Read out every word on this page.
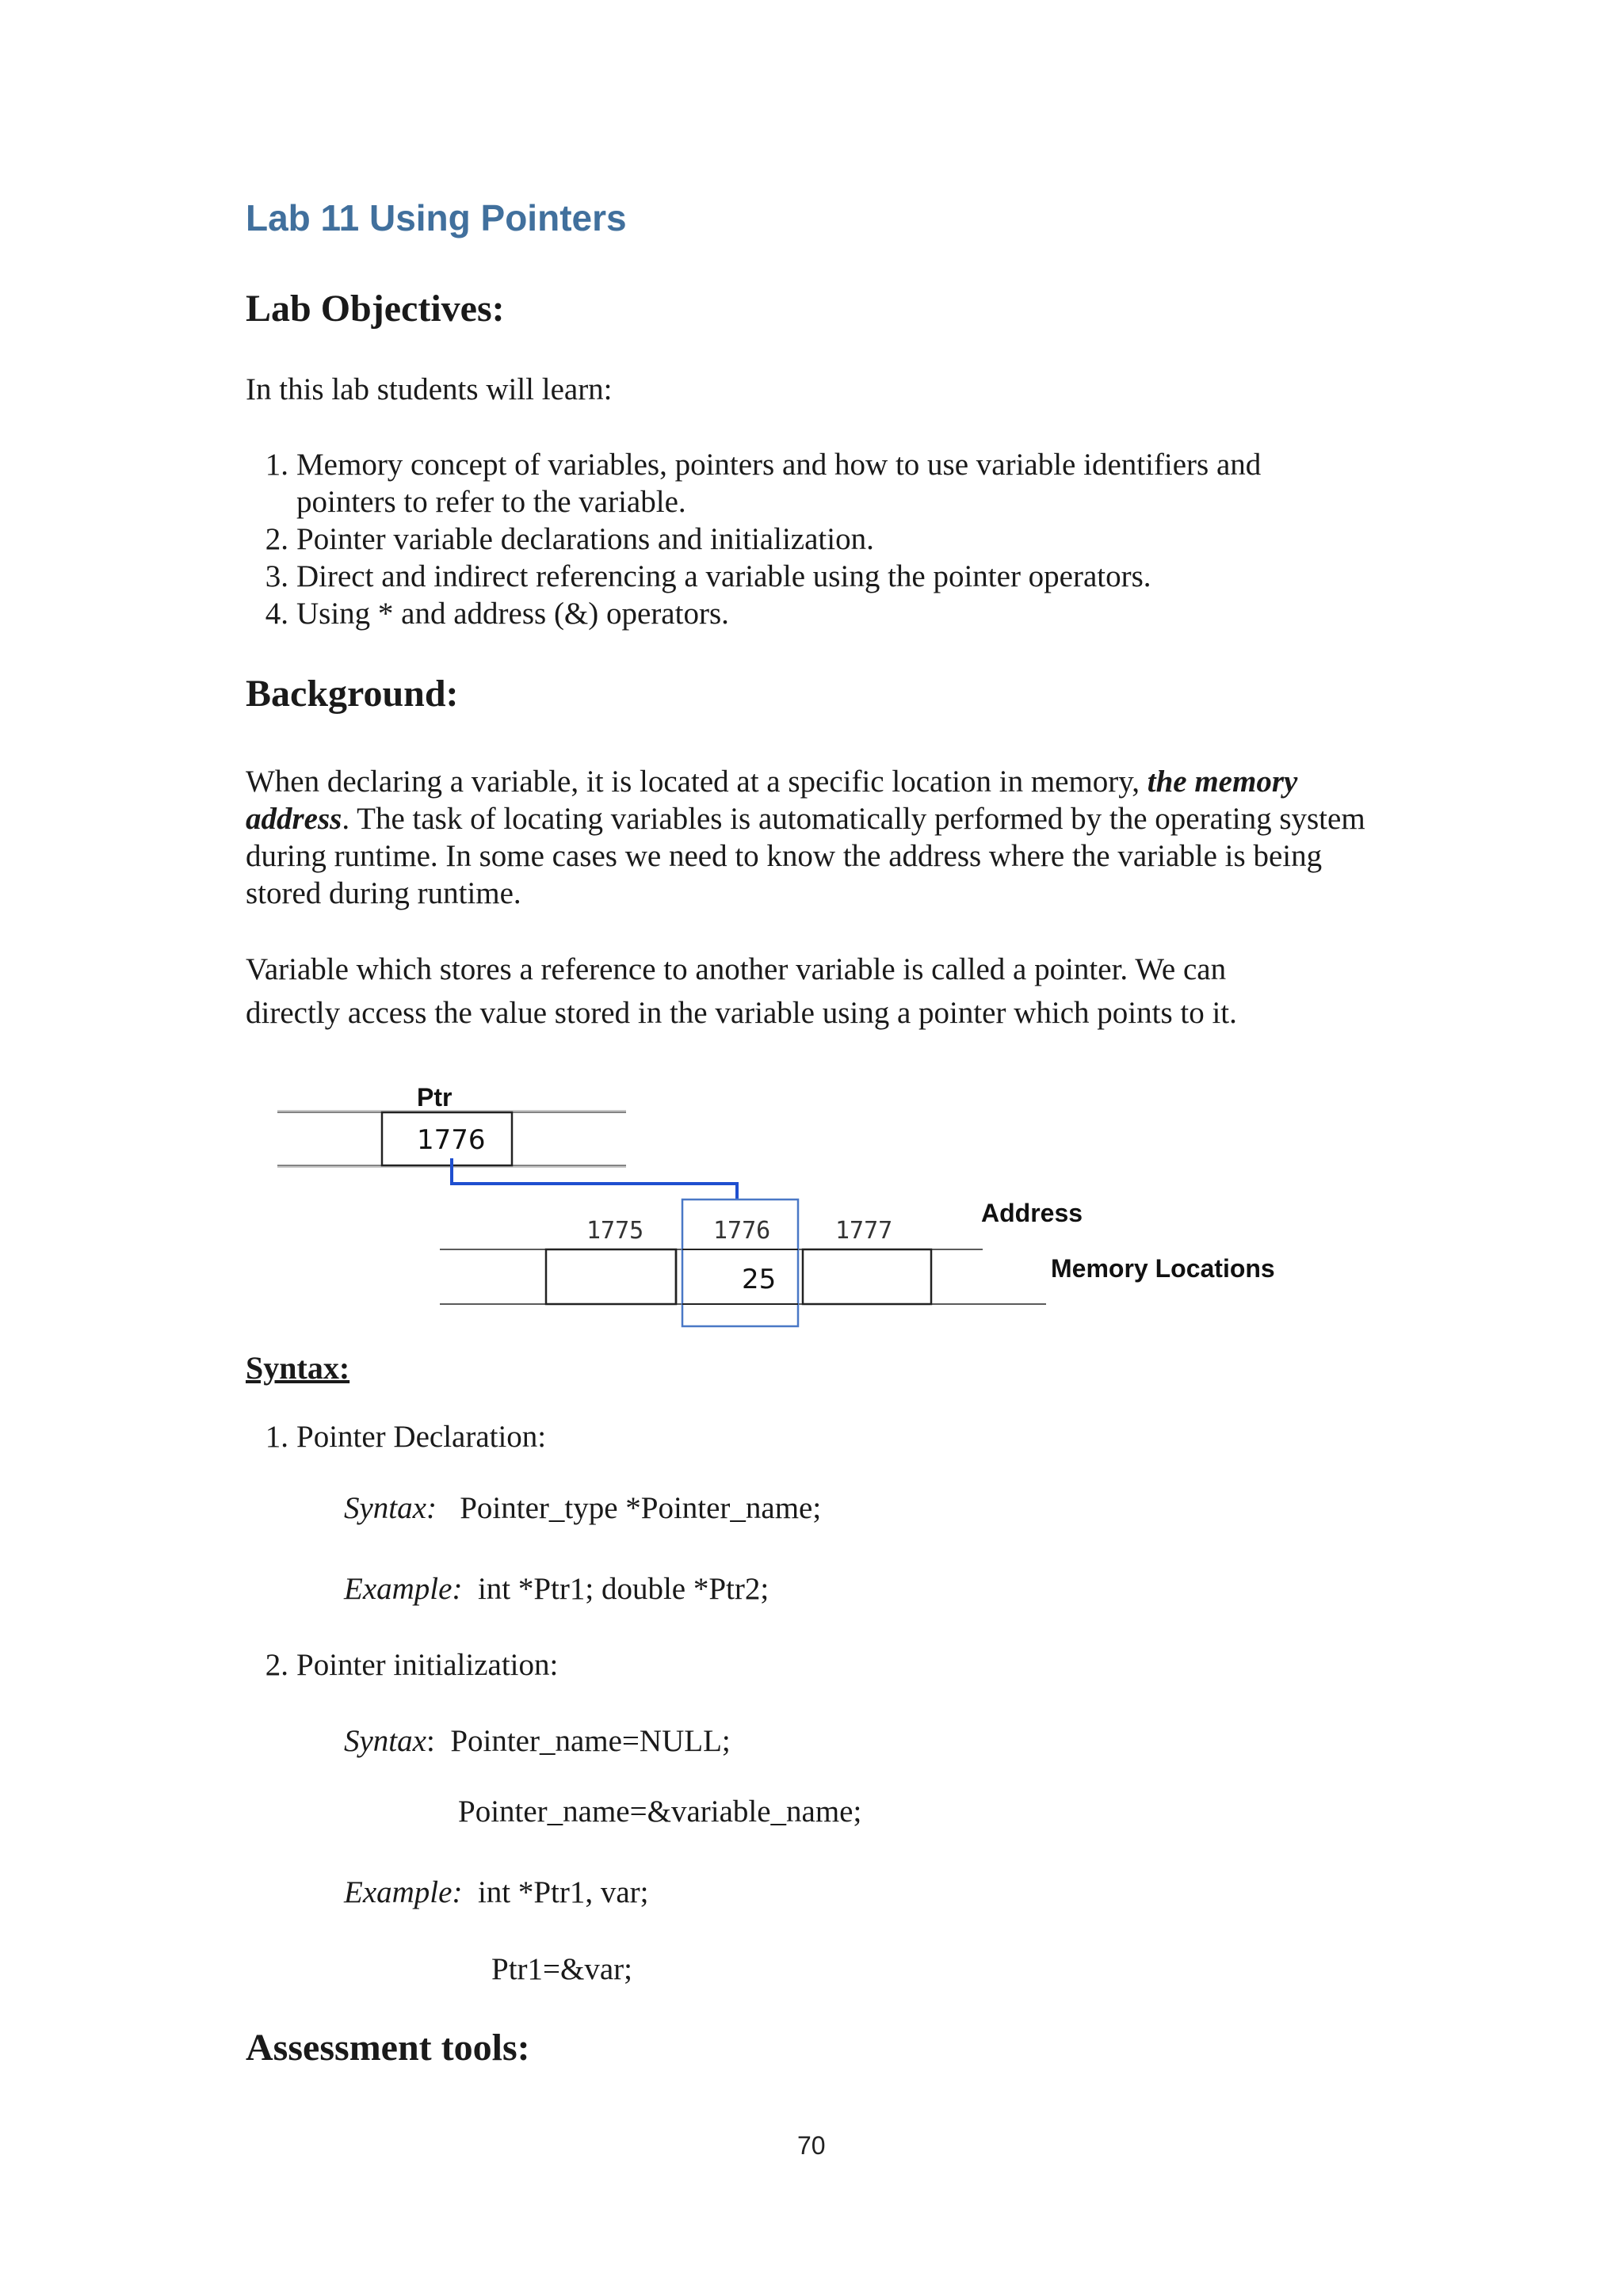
Lab 11 Using Pointers
Lab Objectives:
In this lab students will learn:
1. Memory concept of variables, pointers and how to use variable identifiers and
pointers to refer to the variable.
2. Pointer variable declarations and initialization.
3. Direct and indirect referencing a variable using the pointer operators.
4. Using * and address (&) operators.
Background:

When declaring a variable, it is located at a specific location in memory, the memory address. The task of locating variables is automatically performed by the operating system during runtime. In some cases we need to know the address where the variable is being stored during runtime.

Variable which stores a reference to another variable is called a pointer. We can
directly access the value stored in the variable using a pointer which points to it.
Ptr
1776
1775	1776	1777
25
Address
Memory Locations
Syntax:
1. Pointer Declaration:
Syntax: Pointer_type *Pointer_name;
Example: int *Ptr1; double *Ptr2;
2. Pointer initialization:
Syntax: Pointer_name=NULL;
Pointer_name=&variable_name;
Example: int *Ptr1, var;
Ptr1=&var;
Assessment tools:
70
